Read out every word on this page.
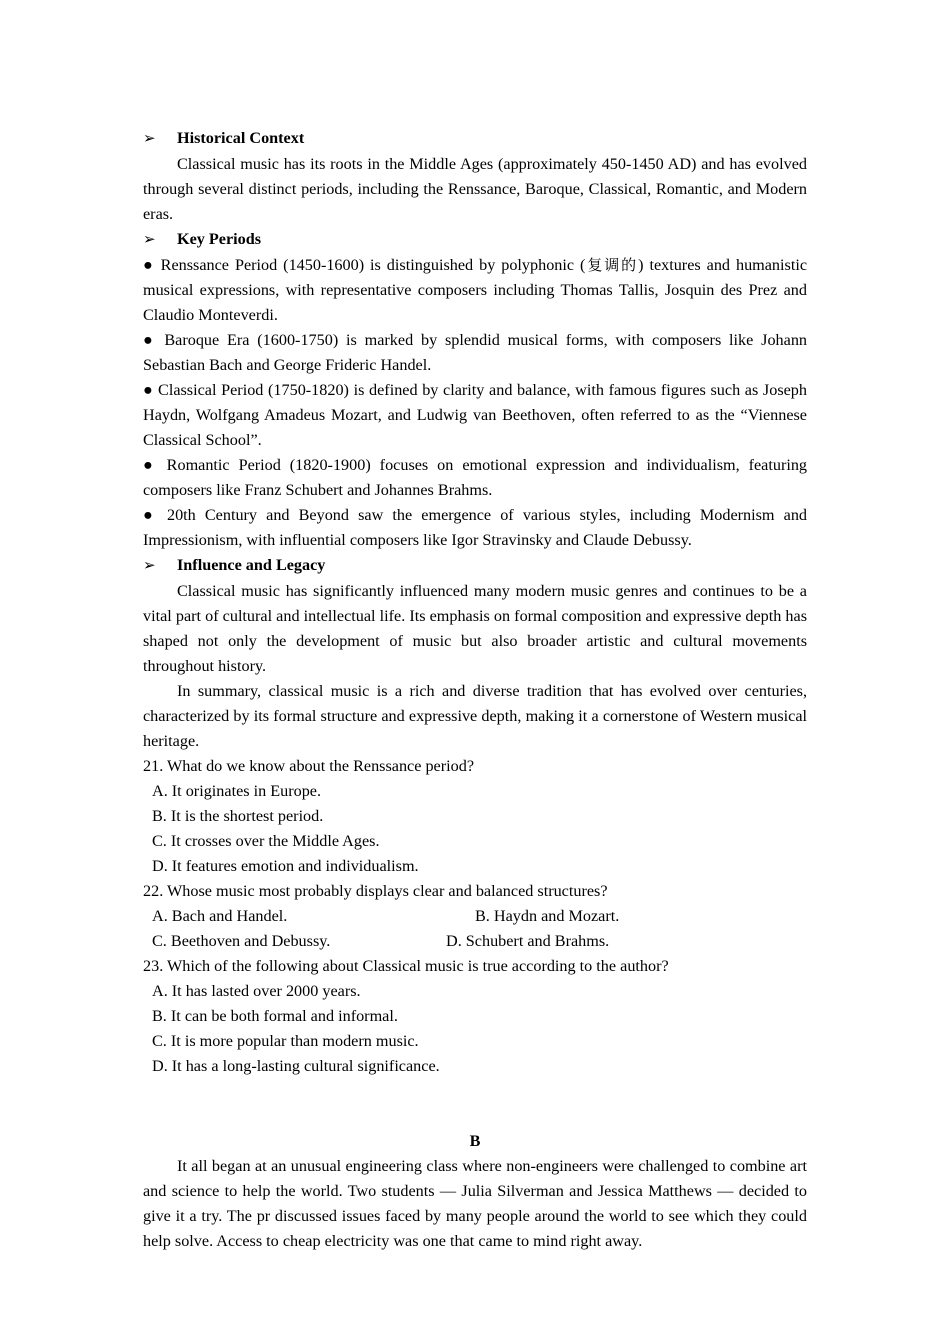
➢	Historical Context

Classical music has its roots in the Middle Ages (approximately 450-1450 AD) and has evolved through several distinct periods, including the Renssance, Baroque, Classical, Romantic, and Modern eras.

➢	Key Periods

● Renssance Period (1450-1600) is distinguished by polyphonic (复调的) textures and humanistic musical expressions, with representative composers including Thomas Tallis, Josquin des Prez and Claudio Monteverdi.

● Baroque Era (1600-1750) is marked by splendid musical forms, with composers like Johann Sebastian Bach and George Frideric Handel.

● Classical Period (1750-1820) is defined by clarity and balance, with famous figures such as Joseph Haydn, Wolfgang Amadeus Mozart, and Ludwig van Beethoven, often referred to as the “Viennese Classical School”.

● Romantic Period (1820-1900) focuses on emotional expression and individualism, featuring composers like Franz Schubert and Johannes Brahms.

● 20th Century and Beyond saw the emergence of various styles, including Modernism and Impressionism, with influential composers like Igor Stravinsky and Claude Debussy.

➢	Influence and Legacy

Classical music has significantly influenced many modern music genres and continues to be a vital part of cultural and intellectual life. Its emphasis on formal composition and expressive depth has shaped not only the development of music but also broader artistic and cultural movements throughout history.

In summary, classical music is a rich and diverse tradition that has evolved over centuries, characterized by its formal structure and expressive depth, making it a cornerstone of Western musical heritage.

21. What do we know about the Renssance period?

A. It originates in Europe.

B. It is the shortest period.

C. It crosses over the Middle Ages.

D. It features emotion and individualism.

22. Whose music most probably displays clear and balanced structures?

A. Bach and Handel.	B. Haydn and Mozart.
C. Beethoven and Debussy.	D. Schubert and Brahms.

23. Which of the following about Classical music is true according to the author?

A. It has lasted over 2000 years.

B. It can be both formal and informal.

C. It is more popular than modern music.

D. It has a long-lasting cultural significance.

B

It all began at an unusual engineering class where non-engineers were challenged to combine art and science to help the world. Two students — Julia Silverman and Jessica Matthews — decided to give it a try. The pr discussed issues faced by many people around the world to see which they could help solve. Access to cheap electricity was one that came to mind right away.
